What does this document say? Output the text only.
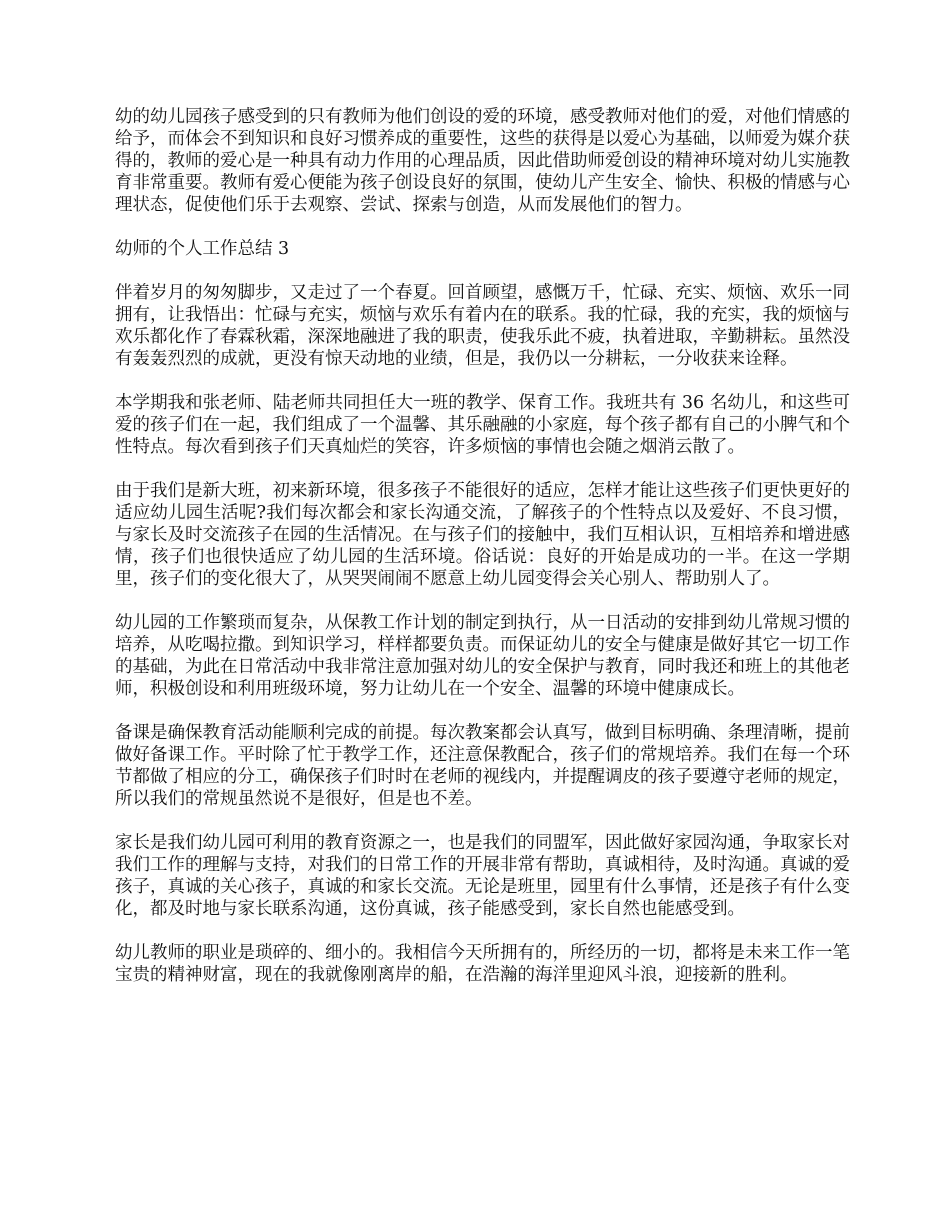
幼的幼儿园孩子感受到的只有教师为他们创设的爱的环境，感受教师对他们的爱，对他们情感的给予，而体会不到知识和良好习惯养成的重要性，这些的获得是以爱心为基础，以师爱为媒介获得的，教师的爱心是一种具有动力作用的心理品质，因此借助师爱创设的精神环境对幼儿实施教育非常重要。教师有爱心便能为孩子创设良好的氛围，使幼儿产生安全、愉快、积极的情感与心理状态，促使他们乐于去观察、尝试、探索与创造，从而发展他们的智力。

幼师的个人工作总结 3

伴着岁月的匆匆脚步，又走过了一个春夏。回首顾望，感慨万千，忙碌、充实、烦恼、欢乐一同拥有，让我悟出：忙碌与充实，烦恼与欢乐有着内在的联系。我的忙碌，我的充实，我的烦恼与欢乐都化作了春霖秋霜，深深地融进了我的职责，使我乐此不疲，执着进取，辛勤耕耘。虽然没有轰轰烈烈的成就，更没有惊天动地的业绩，但是，我仍以一分耕耘，一分收获来诠释。

本学期我和张老师、陆老师共同担任大一班的教学、保育工作。我班共有 36 名幼儿，和这些可爱的孩子们在一起，我们组成了一个温馨、其乐融融的小家庭，每个孩子都有自己的小脾气和个性特点。每次看到孩子们天真灿烂的笑容，许多烦恼的事情也会随之烟消云散了。

由于我们是新大班，初来新环境，很多孩子不能很好的适应，怎样才能让这些孩子们更快更好的适应幼儿园生活呢?我们每次都会和家长沟通交流，了解孩子的个性特点以及爱好、不良习惯，与家长及时交流孩子在园的生活情况。在与孩子们的接触中，我们互相认识，互相培养和增进感情，孩子们也很快适应了幼儿园的生活环境。俗话说：良好的开始是成功的一半。在这一学期里，孩子们的变化很大了，从哭哭闹闹不愿意上幼儿园变得会关心别人、帮助别人了。

幼儿园的工作繁琐而复杂，从保教工作计划的制定到执行，从一日活动的安排到幼儿常规习惯的培养，从吃喝拉撒。到知识学习，样样都要负责。而保证幼儿的安全与健康是做好其它一切工作的基础，为此在日常活动中我非常注意加强对幼儿的安全保护与教育，同时我还和班上的其他老师，积极创设和利用班级环境，努力让幼儿在一个安全、温馨的环境中健康成长。

备课是确保教育活动能顺利完成的前提。每次教案都会认真写，做到目标明确、条理清晰，提前做好备课工作。平时除了忙于教学工作，还注意保教配合，孩子们的常规培养。我们在每一个环节都做了相应的分工，确保孩子们时时在老师的视线内，并提醒调皮的孩子要遵守老师的规定，所以我们的常规虽然说不是很好，但是也不差。

家长是我们幼儿园可利用的教育资源之一，也是我们的同盟军，因此做好家园沟通，争取家长对我们工作的理解与支持，对我们的日常工作的开展非常有帮助，真诚相待，及时沟通。真诚的爱孩子，真诚的关心孩子，真诚的和家长交流。无论是班里，园里有什么事情，还是孩子有什么变化，都及时地与家长联系沟通，这份真诚，孩子能感受到，家长自然也能感受到。

幼儿教师的职业是琐碎的、细小的。我相信今天所拥有的，所经历的一切，都将是未来工作一笔宝贵的精神财富，现在的我就像刚离岸的船，在浩瀚的海洋里迎风斗浪，迎接新的胜利。
